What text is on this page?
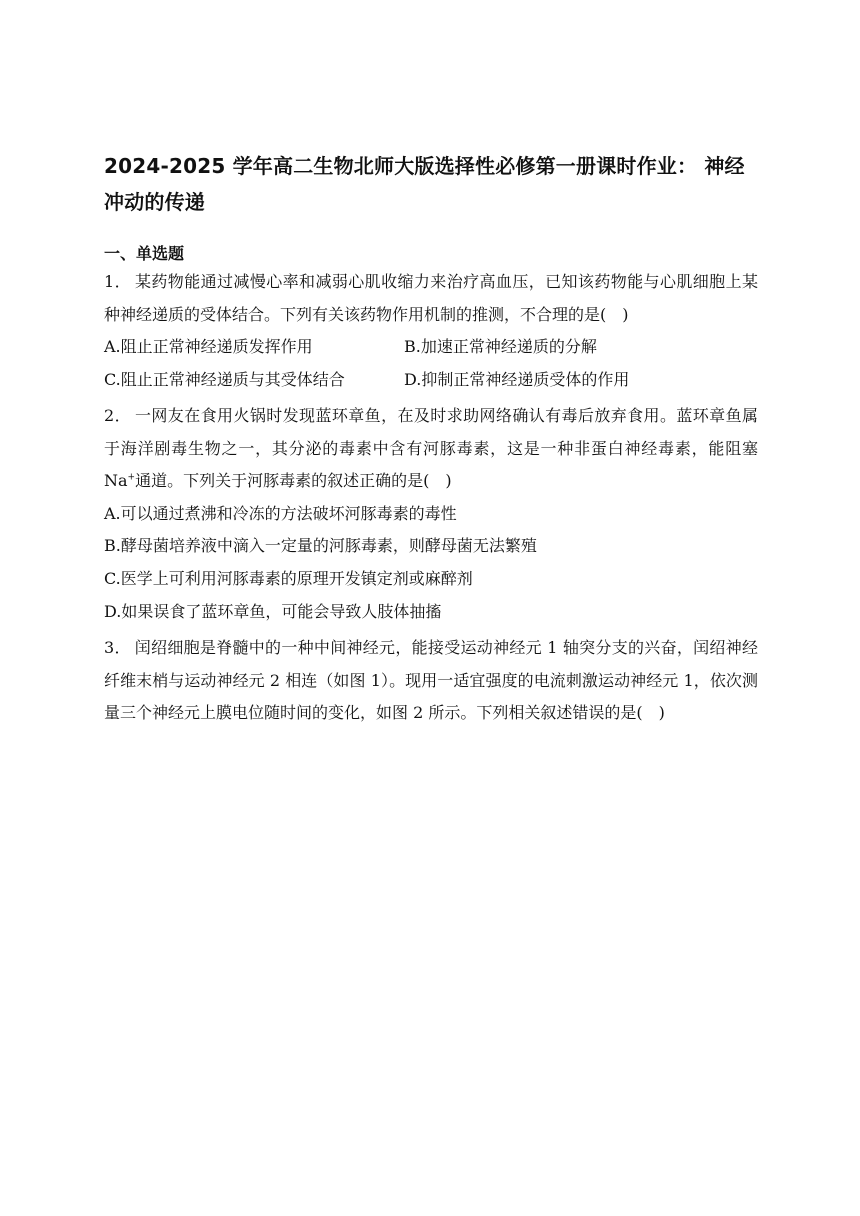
2024-2025 学年高二生物北师大版选择性必修第一册课时作业： 神经冲动的传递
一、单选题

1． 某药物能通过减慢心率和减弱心肌收缩力来治疗高血压，已知该药物能与心肌细胞上某种神经递质的受体结合。下列有关该药物作用机制的推测，不合理的是(　)

A.阻止正常神经递质发挥作用	B.加速正常神经递质的分解
C.阻止正常神经递质与其受体结合	D.抑制正常神经递质受体的作用

2． 一网友在食用火锅时发现蓝环章鱼，在及时求助网络确认有毒后放弃食用。蓝环章鱼属于海洋剧毒生物之一，其分泌的毒素中含有河豚毒素，这是一种非蛋白神经毒素，能阻塞 Na+通道。下列关于河豚毒素的叙述正确的是(　)

A.可以通过煮沸和冷冻的方法破坏河豚毒素的毒性

B.酵母菌培养液中滴入一定量的河豚毒素，则酵母菌无法繁殖

C.医学上可利用河豚毒素的原理开发镇定剂或麻醉剂

D.如果误食了蓝环章鱼，可能会导致人肢体抽搐

3． 闰绍细胞是脊髓中的一种中间神经元，能接受运动神经元 1 轴突分支的兴奋，闰绍神经纤维末梢与运动神经元 2 相连（如图 1）。现用一适宜强度的电流刺激运动神经元 1，依次测量三个神经元上膜电位随时间的变化，如图 2 所示。下列相关叙述错误的是(　)
